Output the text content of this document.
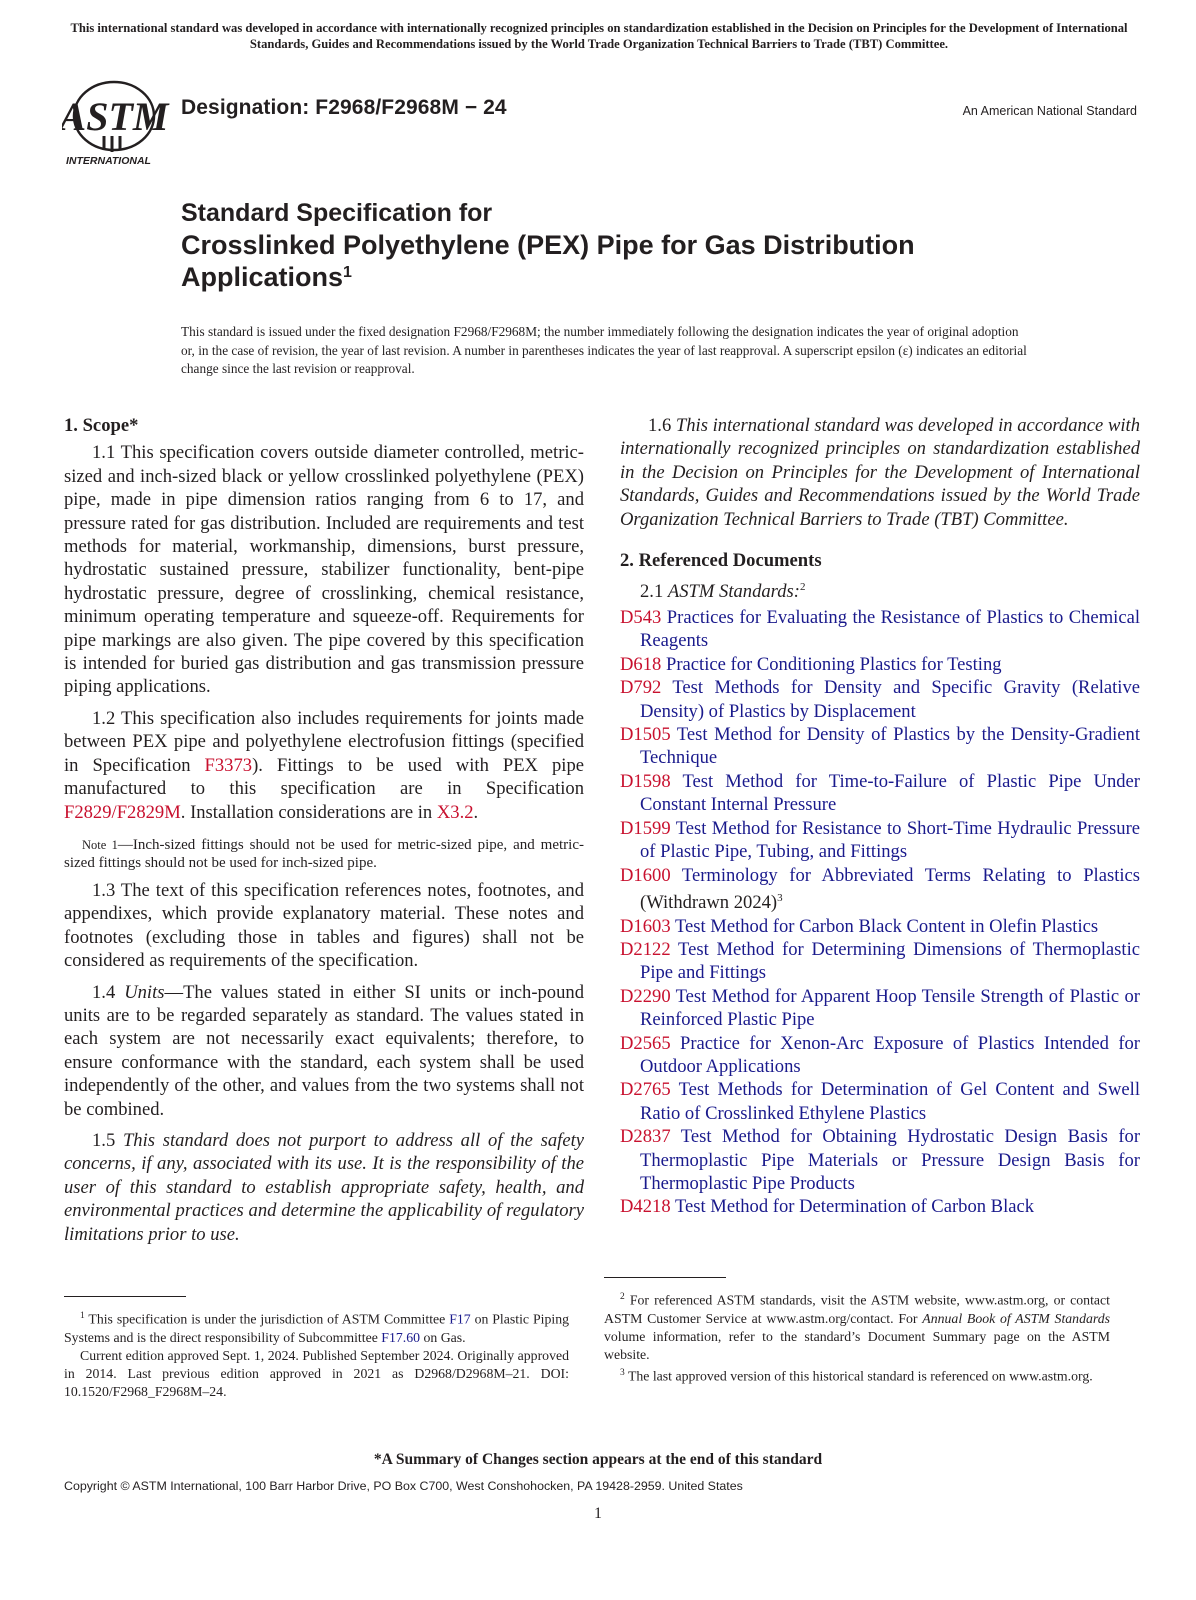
This international standard was developed in accordance with internationally recognized principles on standardization established in the Decision on Principles for the Development of International Standards, Guides and Recommendations issued by the World Trade Organization Technical Barriers to Trade (TBT) Committee.
ASTM
INTERNATIONAL
Designation: F2968/F2968M − 24	An American National Standard
Standard Specification for
Crosslinked Polyethylene (PEX) Pipe for Gas Distribution
Applications$^1$
This standard is issued under the fixed designation F2968/F2968M; the number immediately following the designation indicates the year of original adoption or, in the case of revision, the year of last revision. A number in parentheses indicates the year of last reapproval. A superscript epsilon (ε) indicates an editorial change since the last revision or reapproval.
1. Scope*

1.1 This specification covers outside diameter controlled, metric-sized and inch-sized black or yellow crosslinked polyethylene (PEX) pipe, made in pipe dimension ratios ranging from 6 to 17, and pressure rated for gas distribution. Included are requirements and test methods for material, workmanship, dimensions, burst pressure, hydrostatic sustained pressure, stabilizer functionality, bent-pipe hydrostatic pressure, degree of crosslinking, chemical resistance, minimum operating temperature and squeeze-off. Requirements for pipe markings are also given. The pipe covered by this specification is intended for buried gas distribution and gas transmission pressure piping applications.

1.2 This specification also includes requirements for joints made between PEX pipe and polyethylene electrofusion fittings (specified in Specification F3373). Fittings to be used with PEX pipe manufactured to this specification are in Specification F2829/F2829M. Installation considerations are in X3.2.

Note 1—Inch-sized fittings should not be used for metric-sized pipe, and metric-sized fittings should not be used for inch-sized pipe.

1.3 The text of this specification references notes, footnotes, and appendixes, which provide explanatory material. These notes and footnotes (excluding those in tables and figures) shall not be considered as requirements of the specification.

1.4 Units—The values stated in either SI units or inch-pound units are to be regarded separately as standard. The values stated in each system are not necessarily exact equivalents; therefore, to ensure conformance with the standard, each system shall be used independently of the other, and values from the two systems shall not be combined.

1.5 This standard does not purport to address all of the safety concerns, if any, associated with its use. It is the responsibility of the user of this standard to establish appropriate safety, health, and environmental practices and determine the applicability of regulatory limitations prior to use.

1.6 This international standard was developed in accordance with internationally recognized principles on standardization established in the Decision on Principles for the Development of International Standards, Guides and Recommendations issued by the World Trade Organization Technical Barriers to Trade (TBT) Committee.

2. Referenced Documents

2.1 ASTM Standards:$^2$

D543 Practices for Evaluating the Resistance of Plastics to Chemical Reagents

D618 Practice for Conditioning Plastics for Testing

D792 Test Methods for Density and Specific Gravity (Relative Density) of Plastics by Displacement

D1505 Test Method for Density of Plastics by the Density-Gradient Technique

D1598 Test Method for Time-to-Failure of Plastic Pipe Under Constant Internal Pressure

D1599 Test Method for Resistance to Short-Time Hydraulic Pressure of Plastic Pipe, Tubing, and Fittings

D1600 Terminology for Abbreviated Terms Relating to Plastics (Withdrawn 2024)$^3$

D1603 Test Method for Carbon Black Content in Olefin Plastics

D2122 Test Method for Determining Dimensions of Thermoplastic Pipe and Fittings

D2290 Test Method for Apparent Hoop Tensile Strength of Plastic or Reinforced Plastic Pipe

D2565 Practice for Xenon-Arc Exposure of Plastics Intended for Outdoor Applications

D2765 Test Methods for Determination of Gel Content and Swell Ratio of Crosslinked Ethylene Plastics

D2837 Test Method for Obtaining Hydrostatic Design Basis for Thermoplastic Pipe Materials or Pressure Design Basis for Thermoplastic Pipe Products

D4218 Test Method for Determination of Carbon Black

$^1$ This specification is under the jurisdiction of ASTM Committee F17 on Plastic Piping Systems and is the direct responsibility of Subcommittee F17.60 on Gas.

Current edition approved Sept. 1, 2024. Published September 2024. Originally approved in 2014. Last previous edition approved in 2021 as D2968/D2968M–21. DOI: 10.1520/F2968_F2968M–24.

$^2$ For referenced ASTM standards, visit the ASTM website, www.astm.org, or contact ASTM Customer Service at www.astm.org/contact. For Annual Book of ASTM Standards volume information, refer to the standard’s Document Summary page on the ASTM website.

$^3$ The last approved version of this historical standard is referenced on www.astm.org.

*A Summary of Changes section appears at the end of this standard
Copyright © ASTM International, 100 Barr Harbor Drive, PO Box C700, West Conshohocken, PA 19428-2959. United States
1
